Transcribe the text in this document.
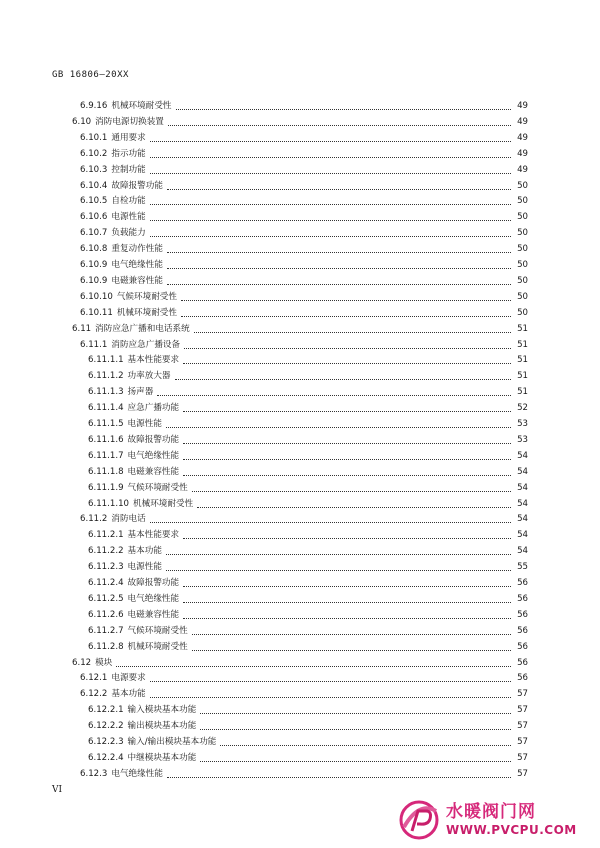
GB 16806—20XX
6.9.16 机械环境耐受性	49
6.10 消防电源切换装置	49
6.10.1 通用要求	49
6.10.2 指示功能	49
6.10.3 控制功能	49
6.10.4 故障报警功能	50
6.10.5 自检功能	50
6.10.6 电源性能	50
6.10.7 负载能力	50
6.10.8 重复动作性能	50
6.10.9 电气绝缘性能	50
6.10.9 电磁兼容性能	50
6.10.10 气候环境耐受性	50
6.10.11 机械环境耐受性	50
6.11 消防应急广播和电话系统	51
6.11.1 消防应急广播设备	51
6.11.1.1 基本性能要求	51
6.11.1.2 功率放大器	51
6.11.1.3 扬声器	51
6.11.1.4 应急广播功能	52
6.11.1.5 电源性能	53
6.11.1.6 故障报警功能	53
6.11.1.7 电气绝缘性能	54
6.11.1.8 电磁兼容性能	54
6.11.1.9 气候环境耐受性	54
6.11.1.10 机械环境耐受性	54
6.11.2 消防电话	54
6.11.2.1 基本性能要求	54
6.11.2.2 基本功能	54
6.11.2.3 电源性能	55
6.11.2.4 故障报警功能	56
6.11.2.5 电气绝缘性能	56
6.11.2.6 电磁兼容性能	56
6.11.2.7 气候环境耐受性	56
6.11.2.8 机械环境耐受性	56
6.12 模块	56
6.12.1 电源要求	56
6.12.2 基本功能	57
6.12.2.1 输入模块基本功能	57
6.12.2.2 输出模块基本功能	57
6.12.2.3 输入/输出模块基本功能	57
6.12.2.4 中继模块基本功能	57
6.12.3 电气绝缘性能	57
VI
水暖阀门网
WWW.PVCPU.COM
